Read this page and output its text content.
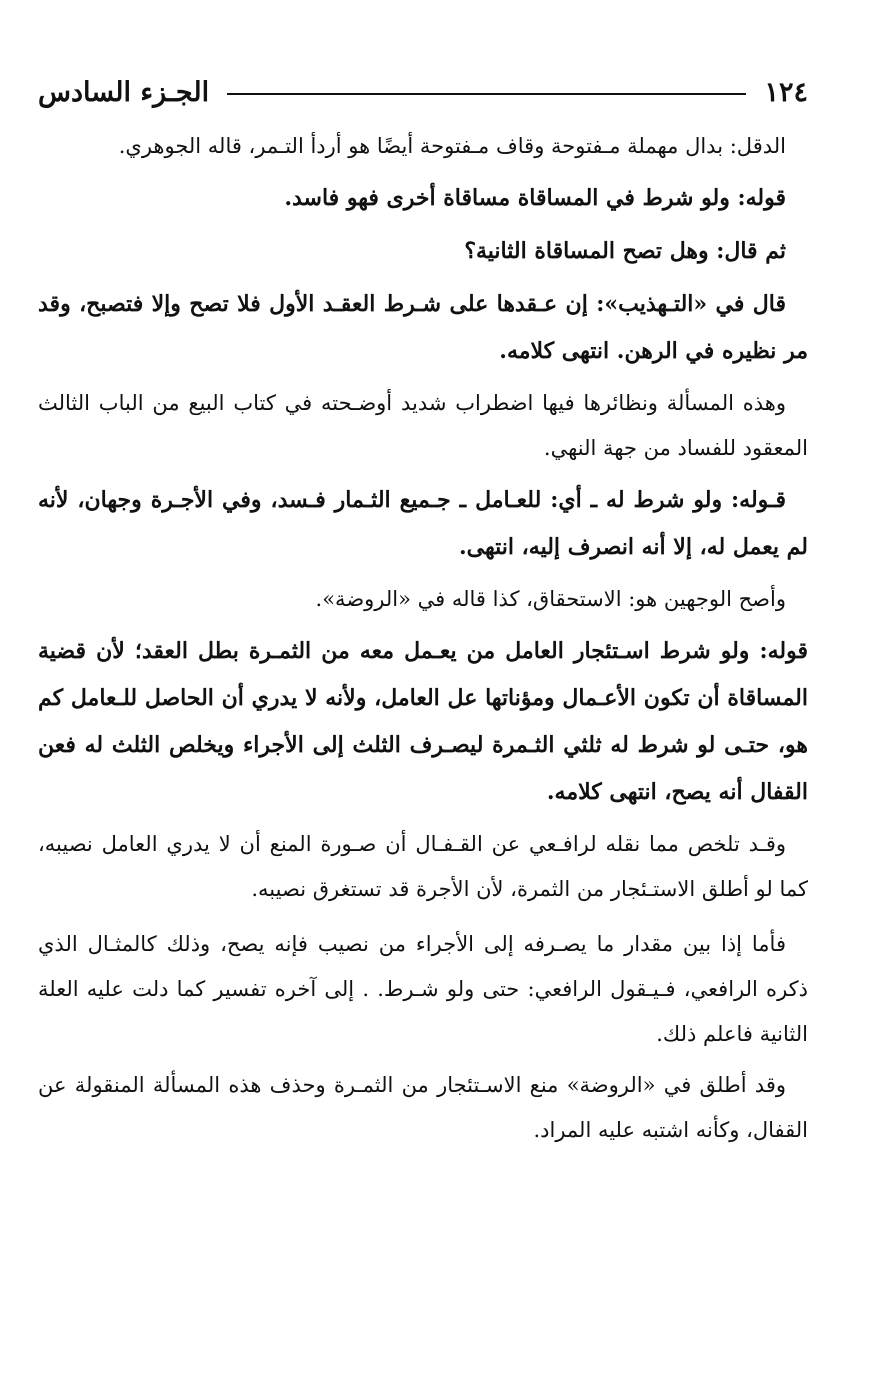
١٢٤
الجـزء السادس

الدقل: بدال مهملة مـفتوحة وقاف مـفتوحة أيضًا هو أردأ التـمر، قاله الجوهري.

قوله: ولو شرط في المساقاة مساقاة أخرى فهو فاسد.

ثم قال: وهل تصح المساقاة الثانية؟

قال في «التـهذيب»: إن عـقدها على شـرط العقـد الأول فلا تصح وإلا فتصبح، وقد مر نظيره في الرهن. انتهى كلامه.

وهذه المسألة ونظائرها فيها اضطراب شديد أوضـحته في كتاب البيع من الباب الثالث المعقود للفساد من جهة النهي.

قـوله: ولو شرط له ـ أي: للعـامل ـ جـميع الثـمار فـسد، وفي الأجـرة وجهان، لأنه لم يعمل له، إلا أنه انصرف إليه، انتهى.

وأصح الوجهين هو: الاستحقاق، كذا قاله في «الروضة».

قوله: ولو شرط اسـتئجار العامل من يعـمل معه من الثمـرة بطل العقد؛ لأن قضية المساقاة أن تكون الأعـمال ومؤناتها عل العامل، ولأنه لا يدري أن الحاصل للـعامل كم هو، حتـى لو شرط له ثلثي الثـمرة ليصـرف الثلث إلى الأجراء ويخلص الثلث له فعن القفال أنه يصح، انتهى كلامه.

وقـد تلخص مما نقله لرافـعي عن القـفـال أن صـورة المنع أن لا يدري العامل نصيبه، كما لو أطلق الاستـئجار من الثمرة، لأن الأجرة قد تستغرق نصيبه.

فأما إذا بين مقدار ما يصـرفه إلى الأجراء من نصيب فإنه يصح، وذلك كالمثـال الذي ذكره الرافعي، فـيـقول الرافعي: حتى ولو شـرط. . إلى آخره تفسير كما دلت عليه العلة الثانية فاعلم ذلك.

وقد أطلق في «الروضة» منع الاسـتئجار من الثمـرة وحذف هذه المسألة المنقولة عن القفال، وكأنه اشتبه عليه المراد.
